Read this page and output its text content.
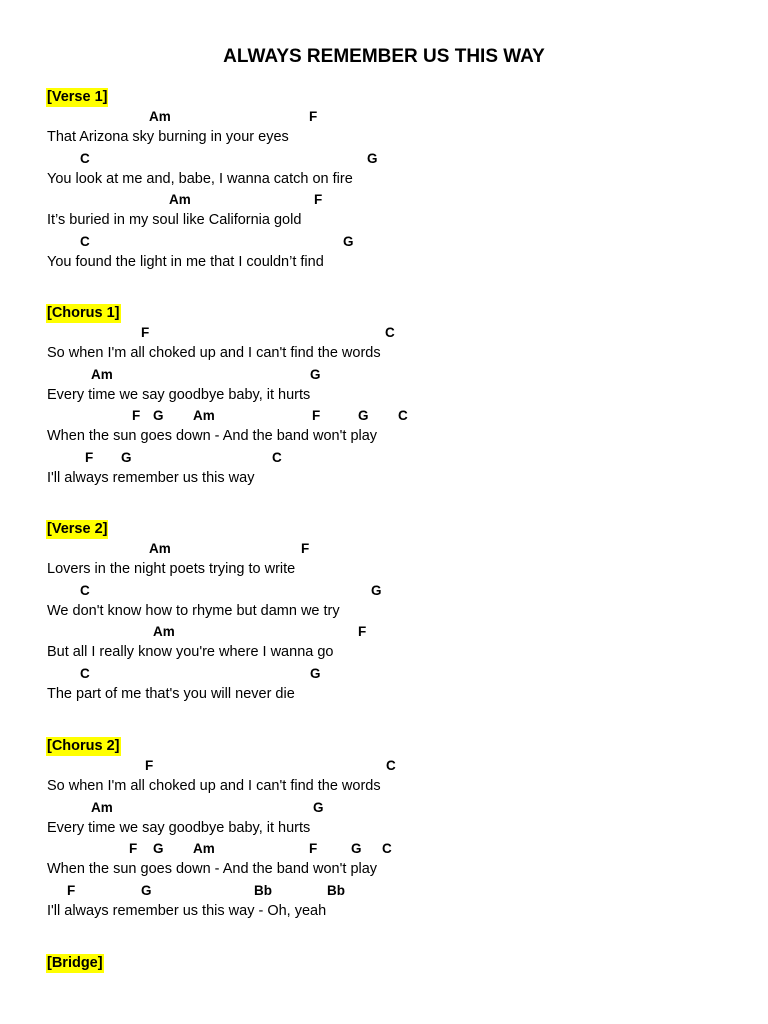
ALWAYS REMEMBER US THIS WAY
[Verse 1]
Am	F
That Arizona sky burning in your eyes
C	G
You look at me and, babe, I wanna catch on fire
Am	F
It’s buried in my soul like California gold
C	G
You found the light in me that I couldn’t find
[Chorus 1]
F	C
So when I'm all choked up and I can't find the words
Am	G
Every time we say goodbye baby, it hurts
F G Am	F	G C
When the sun goes down - And the band won't play
F G	C
I'll always remember us this way
[Verse 2]
Am	F
Lovers in the night poets trying to write
C	G
We don't know how to rhyme but damn we try
Am	F
But all I really know you're where I wanna go
C	G
The part of me that's you will never die
[Chorus 2]
F	C
So when I'm all choked up and I can't find the words
Am	G
Every time we say goodbye baby, it hurts
F G Am	F	G C
When the sun goes down - And the band won't play
F	G	Bb	Bb
I'll always remember us this way - Oh, yeah
[Bridge]
